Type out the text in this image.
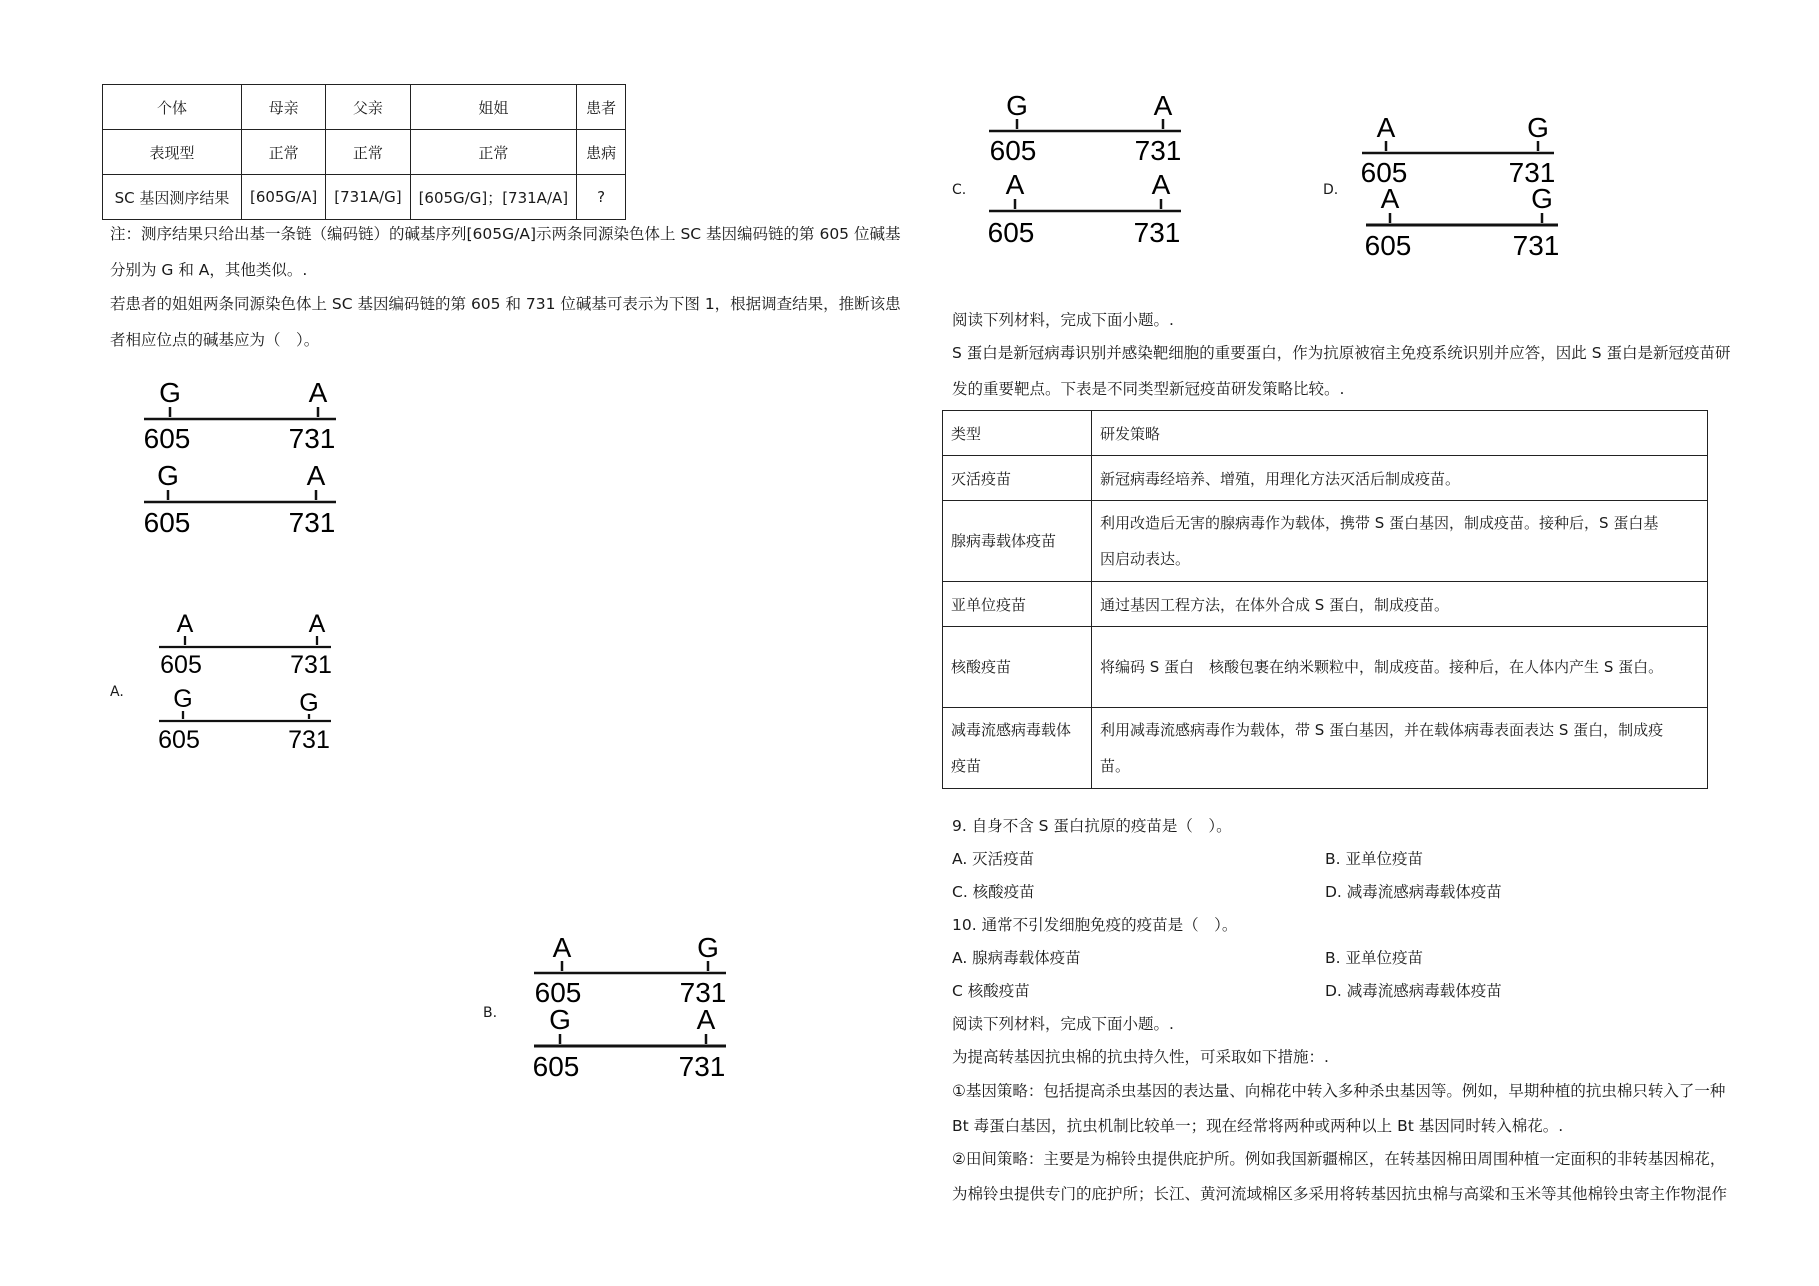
个体	母亲	父亲	姐姐	患者
表现型	正常	正常	正常	患病
SC 基因测序结果	[605G/A]	[731A/G]	[605G/G]；[731A/A]	?
注：测序结果只给出基一条链（编码链）的碱基序列[605G/A]示两条同源染色体上 SC 基因编码链的第 605 位碱基
分别为 G 和 A，其他类似。.
若患者的姐姐两条同源染色体上 SC 基因编码链的第 605 和 731 位碱基可表示为下图 1，根据调查结果，推断该患
者相应位点的碱基应为（　）。
G	A
605	731
G	A
605	731
A.
A	A
605	731
G	G
605	731
B.
A	G
605	731
G	A
605	731
C.
G	A
605	731
A	A
605	731
D.
A	G
605	731
A	G
605	731
阅读下列材料，完成下面小题。.
S 蛋白是新冠病毒识别并感染靶细胞的重要蛋白，作为抗原被宿主免疫系统识别并应答，因此 S 蛋白是新冠疫苗研
发的重要靶点。下表是不同类型新冠疫苗研发策略比较。.
类型	研发策略
灭活疫苗	新冠病毒经培养、增殖，用理化方法灭活后制成疫苗。
腺病毒载体疫苗	利用改造后无害的腺病毒作为载体，携带 S 蛋白基因，制成疫苗。接种后，S 蛋白基
因启动表达。
亚单位疫苗	通过基因工程方法，在体外合成 S 蛋白，制成疫苗。
核酸疫苗	将编码 S 蛋白　核酸包裹在纳米颗粒中，制成疫苗。接种后，在人体内产生 S 蛋白。
减毒流感病毒载体
疫苗	利用减毒流感病毒作为载体，带 S 蛋白基因，并在载体病毒表面表达 S 蛋白，制成疫
苗。
9. 自身不含 S 蛋白抗原的疫苗是（　）。
A. 灭活疫苗	B. 亚单位疫苗
C. 核酸疫苗	D. 减毒流感病毒载体疫苗
10. 通常不引发细胞免疫的疫苗是（　）。
A. 腺病毒载体疫苗	B. 亚单位疫苗
C 核酸疫苗	D. 减毒流感病毒载体疫苗
阅读下列材料，完成下面小题。.
为提高转基因抗虫棉的抗虫持久性，可采取如下措施：.
①基因策略：包括提高杀虫基因的表达量、向棉花中转入多种杀虫基因等。例如，早期种植的抗虫棉只转入了一种
Bt 毒蛋白基因，抗虫机制比较单一；现在经常将两种或两种以上 Bt 基因同时转入棉花。.
②田间策略：主要是为棉铃虫提供庇护所。例如我国新疆棉区，在转基因棉田周围种植一定面积的非转基因棉花，
为棉铃虫提供专门的庇护所；长江、黄河流域棉区多采用将转基因抗虫棉与高粱和玉米等其他棉铃虫寄主作物混作
